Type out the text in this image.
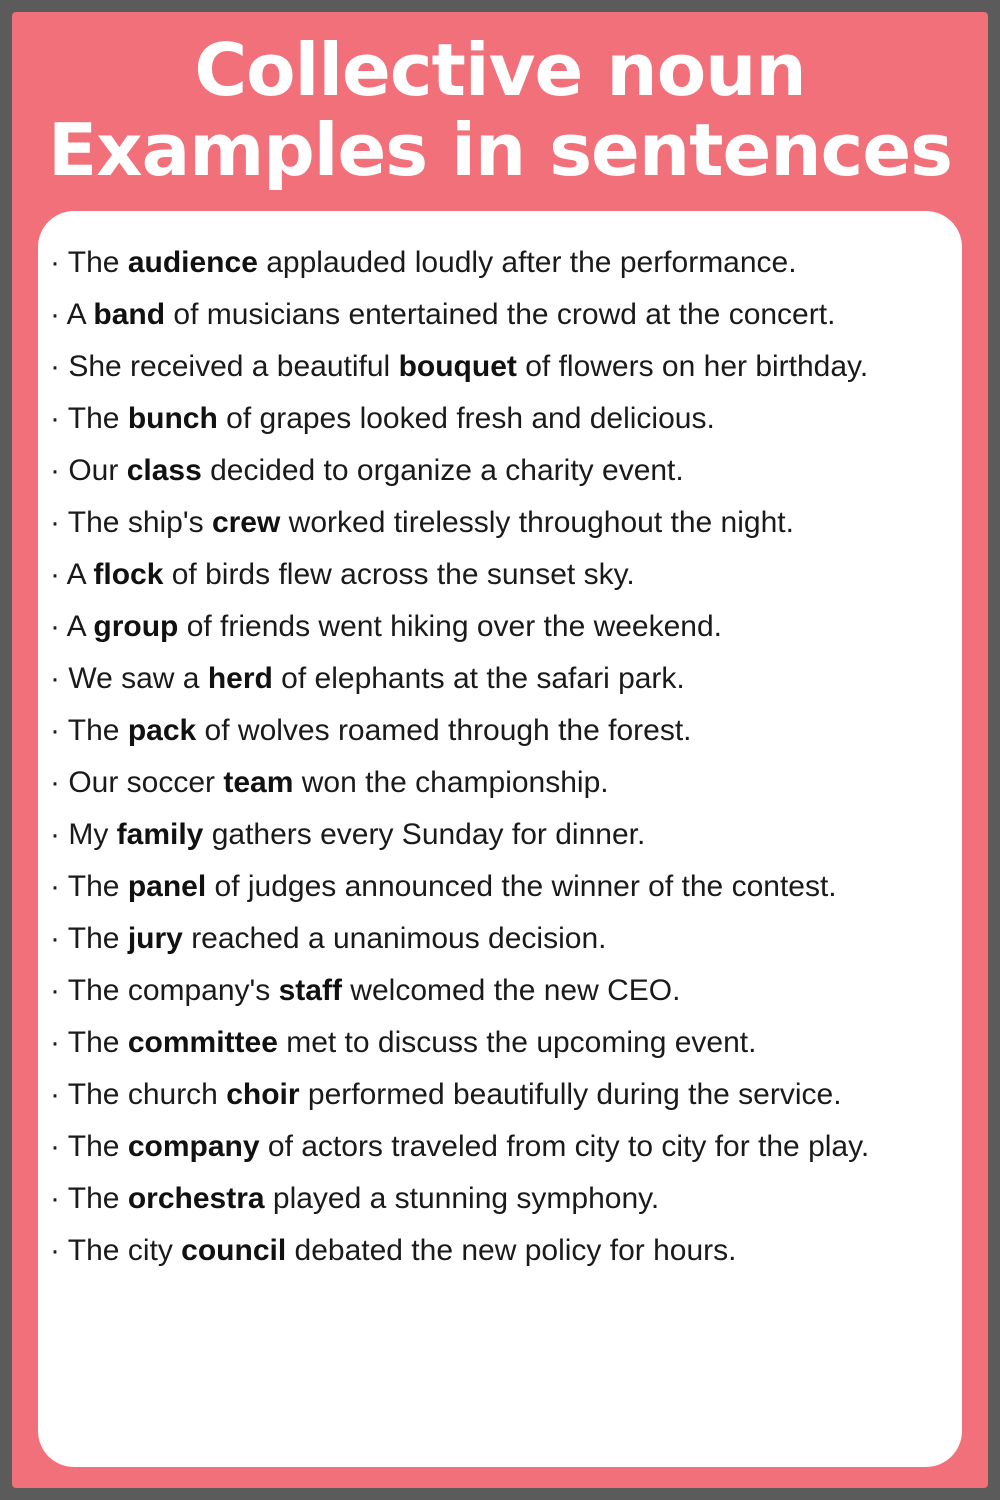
Collective noun
Examples in sentences
· The audience applauded loudly after the performance.
· A band of musicians entertained the crowd at the concert.
· She received a beautiful bouquet of flowers on her birthday.
· The bunch of grapes looked fresh and delicious.
· Our class decided to organize a charity event.
· The ship's crew worked tirelessly throughout the night.
· A flock of birds flew across the sunset sky.
· A group of friends went hiking over the weekend.
· We saw a herd of elephants at the safari park.
· The pack of wolves roamed through the forest.
· Our soccer team won the championship.
· My family gathers every Sunday for dinner.
· The panel of judges announced the winner of the contest.
· The jury reached a unanimous decision.
· The company's staff welcomed the new CEO.
· The committee met to discuss the upcoming event.
· The church choir performed beautifully during the service.
· The company of actors traveled from city to city for the play.
· The orchestra played a stunning symphony.
· The city council debated the new policy for hours.
